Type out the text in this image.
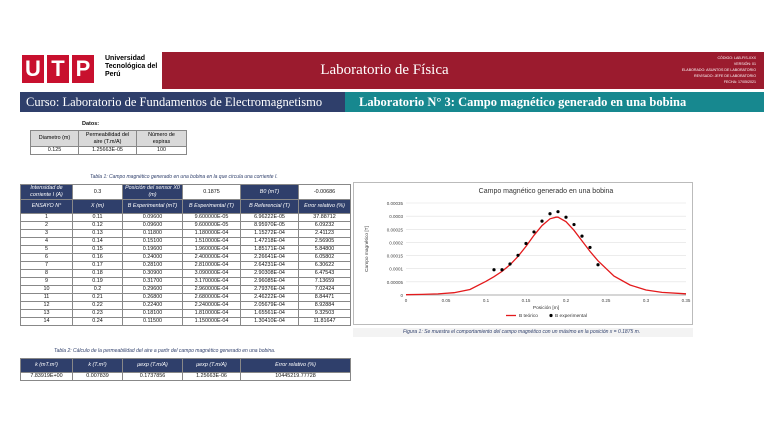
U T P	Universidad Tecnológica del Perú	Laboratorio de Física
CÓDIGO: LAB-FIS-XXX
VERSIÓN: 01
ELABORADO: ASUNTOS DE LABORATORIO
REVISADO: JEFE DE LABORATORIO
FECHA: 17/05/2021
Curso: Laboratorio de Fundamentos de Electromagnetismo	Laboratorio N° 3: Campo magnético generado en una bobina
Datos:
Diametro (m)	Permeabilidad del aire (T.m/A)	Número de espiras
0.125	1.25663E-05	100
Tabla 1: Campo magnético generado en una bobina en la que circula una corriente I.
Intensidad de corriente I (A)	0.3	Posición del sensor X0 (m)	0.1875	B0 (mT)	-0.00686
ENSAYO N°	X (m)	B Experimental (mT)	B Experimental (T)	B Referencial (T)	Error relativo (%)
1	0.11	0.09600	9.600000E-05	6.96222E-05	37.88712
2	0.12	0.09600	9.600000E-05	8.95970E-05	6.09232
3	0.13	0.11800	1.180000E-04	1.15272E-04	2.41123
4	0.14	0.15100	1.510000E-04	1.47218E-04	2.56905
5	0.15	0.19600	1.960000E-04	1.85171E-04	5.84800
6	0.16	0.24000	2.400000E-04	2.26641E-04	6.05802
7	0.17	0.28100	2.810000E-04	2.64231E-04	6.30622
8	0.18	0.30900	3.090000E-04	2.90308E-04	6.47543
9	0.19	0.31700	3.170000E-04	2.96085E-04	7.13659
10	0.2	0.29600	2.960000E-04	2.79376E-04	7.02424
11	0.21	0.26800	2.680000E-04	2.46222E-04	8.84471
12	0.22	0.22400	2.240000E-04	2.05679E-04	8.92884
13	0.23	0.18100	1.810000E-04	1.65561E-04	9.32503
14	0.24	0.11500	1.150000E-04	1.30410E-04	11.81647
Tabla 2: Cálculo de la permeabilidad del aire a partir del campo magnético generado en una bobina.
k (mT.m²)	k (T.m²)	μexp (T.m/A)	μexp (T.m/A)	Error relativo (%)
7.83919E+00	0.007839	0.1737856	1.25663E-06	10445219.77728
Campo magnético generado en una bobina
0
0.00005
0.0001
0.00015
0.0002
0.00025
0.0003
0.00035
0	0.05	0.1	0.15	0.2	0.25	0.3	0.35
Posición [m]
Campo magnético [T]
B teórico	B experimental
Figura 1: Se muestra el comportamiento del campo magnético con un máximo en la posición x = 0.1875 m.
